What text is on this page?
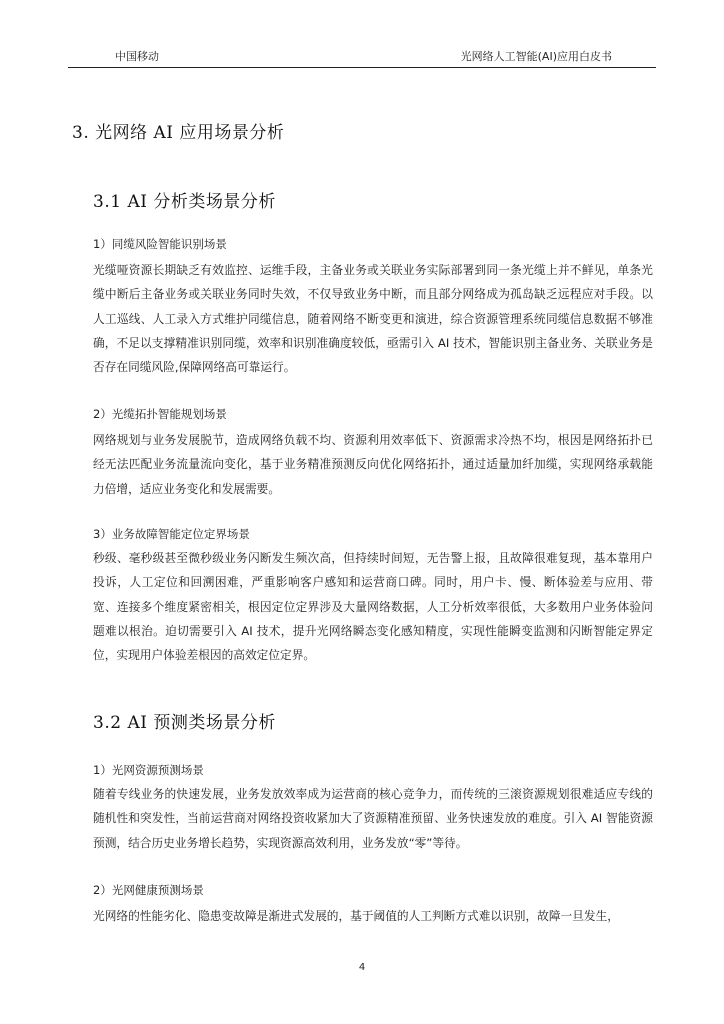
中国移动	光网络人工智能(AI)应用白皮书
3. 光网络 AI 应用场景分析
3.1 AI 分析类场景分析
1）同缆风险智能识别场景

光缆哑资源长期缺乏有效监控、运维手段，主备业务或关联业务实际部署到同一条光缆上并不鲜见，单条光缆中断后主备业务或关联业务同时失效，不仅导致业务中断，而且部分网络成为孤岛缺乏远程应对手段。以人工巡线、人工录入方式维护同缆信息，随着网络不断变更和演进，综合资源管理系统同缆信息数据不够准确，不足以支撑精准识别同缆，效率和识别准确度较低，亟需引入 AI 技术，智能识别主备业务、关联业务是否存在同缆风险,保障网络高可靠运行。

2）光缆拓扑智能规划场景

网络规划与业务发展脱节，造成网络负载不均、资源利用效率低下、资源需求冷热不均，根因是网络拓扑已经无法匹配业务流量流向变化，基于业务精准预测反向优化网络拓扑，通过适量加纤加缆，实现网络承载能力倍增，适应业务变化和发展需要。

3）业务故障智能定位定界场景

秒级、毫秒级甚至微秒级业务闪断发生频次高，但持续时间短，无告警上报，且故障很难复现，基本靠用户投诉，人工定位和回溯困难，严重影响客户感知和运营商口碑。同时，用户卡、慢、断体验差与应用、带宽、连接多个维度紧密相关，根因定位定界涉及大量网络数据，人工分析效率很低，大多数用户业务体验问题难以根治。迫切需要引入 AI 技术，提升光网络瞬态变化感知精度，实现性能瞬变监测和闪断智能定界定位，实现用户体验差根因的高效定位定界。

3.2 AI 预测类场景分析
1）光网资源预测场景

随着专线业务的快速发展，业务发放效率成为运营商的核心竞争力，而传统的三滚资源规划很难适应专线的随机性和突发性，当前运营商对网络投资收紧加大了资源精准预留、业务快速发放的难度。引入 AI 智能资源预测，结合历史业务增长趋势，实现资源高效利用，业务发放“零”等待。

2）光网健康预测场景

光网络的性能劣化、隐患变故障是渐进式发展的，基于阈值的人工判断方式难以识别，故障一旦发生，

4
